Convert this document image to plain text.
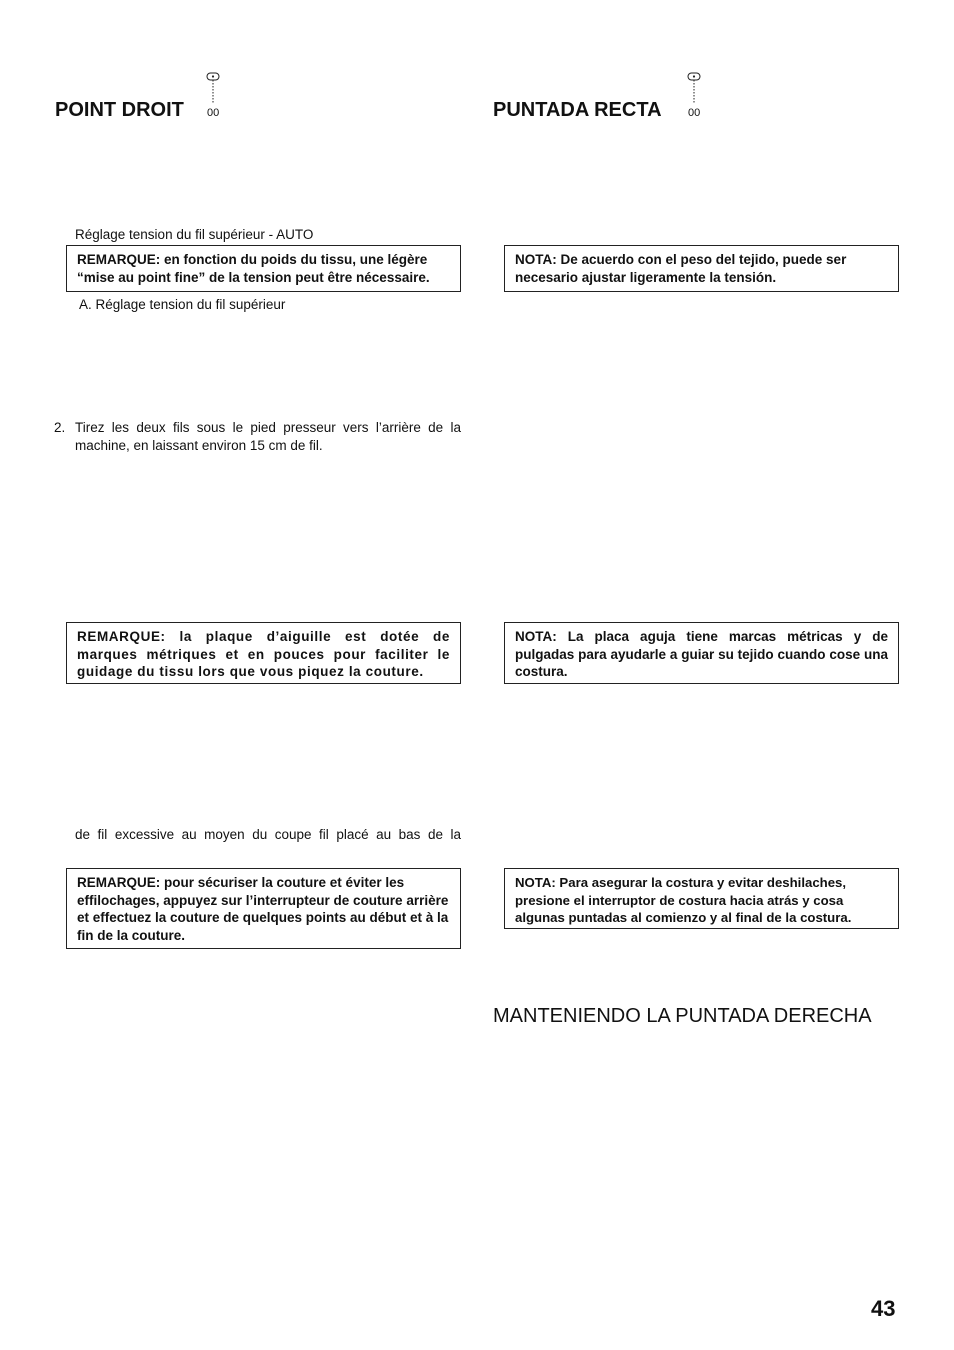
POINT DROIT 00
Réglage tension du fil supérieur - AUTO
REMARQUE: en fonction du poids du tissu, une légère “mise au point fine” de la tension peut être nécessaire.
A. Réglage tension du fil supérieur
2. Tirez les deux fils sous le pied presseur vers l’arrière de la machine, en laissant environ 15 cm de fil.
REMARQUE: la plaque d’aiguille est dotée de marques métriques et en pouces pour faciliter le guidage du tissu lors que vous piquez la couture.
de fil excessive au moyen du coupe fil placé au bas de la
REMARQUE: pour sécuriser la couture et éviter les effilochages, appuyez sur l’interrupteur de couture arrière et effectuez la couture de quelques points au début et à la fin de la couture.
PUNTADA RECTA 00
NOTA: De acuerdo con el peso del tejido, puede ser necesario ajustar ligeramente la tensión.
NOTA: La placa aguja tiene marcas métricas y de pulgadas para ayudarle a guiar su tejido cuando cose una costura.
NOTA: Para asegurar la costura y evitar deshilaches, presione el interruptor de costura hacia atrás y cosa algunas puntadas al comienzo y al final de la costura.
MANTENIENDO LA PUNTADA DERECHA
43
